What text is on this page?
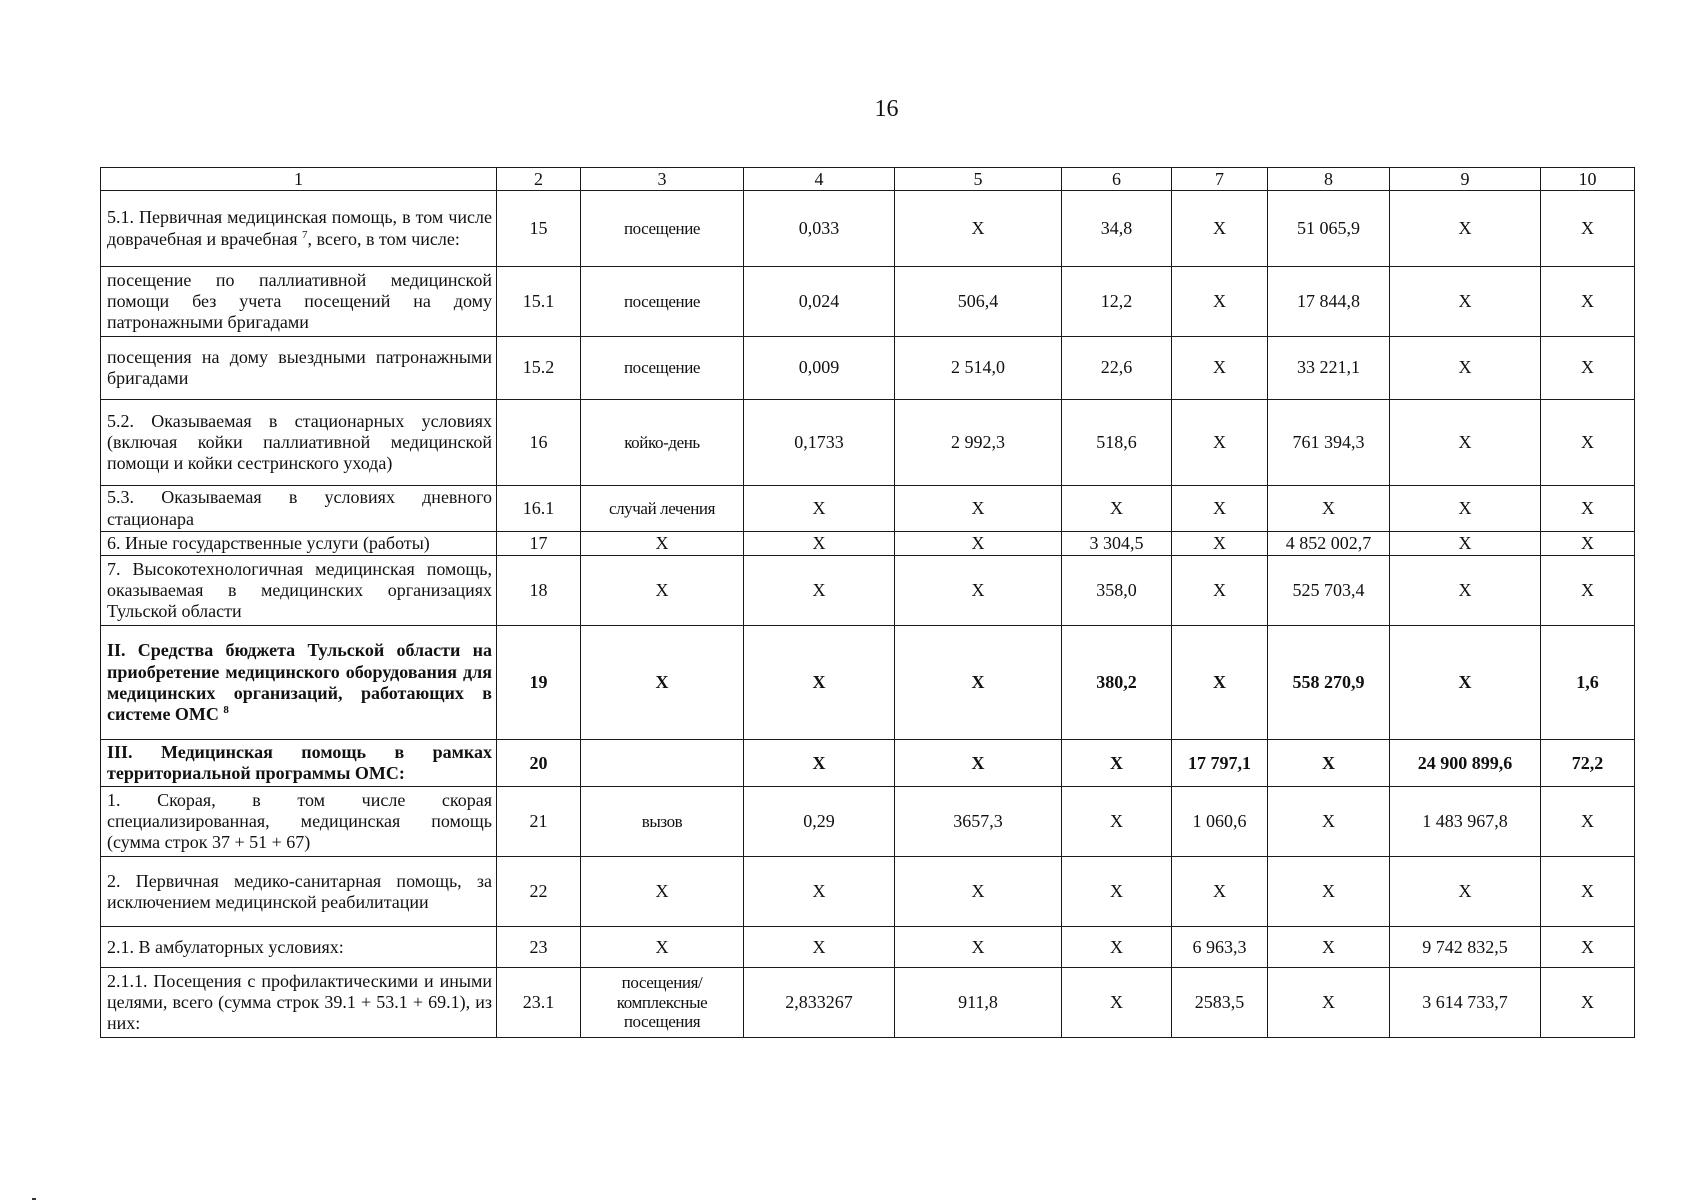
16
1	2	3	4	5	6	7	8	9	10
5.1. Первичная медицинская помощь, в том числе доврачебная и врачебная $^7$, всего, в том числе:	15	посещение	0,033	Х	34,8	Х	51 065,9	Х	Х
посещение по паллиативной медицинской помощи без учета посещений на дому патронажными бригадами	15.1	посещение	0,024	506,4	12,2	Х	17 844,8	Х	Х
посещения на дому выездными патронажными бригадами	15.2	посещение	0,009	2 514,0	22,6	Х	33 221,1	Х	Х
5.2. Оказываемая в стационарных условиях (включая койки паллиативной медицинской помощи и койки сестринского ухода)	16	койко-день	0,1733	2 992,3	518,6	Х	761 394,3	Х	Х
5.3. Оказываемая в условиях дневного стационара	16.1	случай лечения	Х	Х	Х	Х	Х	Х	Х
6. Иные государственные услуги (работы)	17	Х	Х	Х	3 304,5	Х	4 852 002,7	Х	Х
7. Высокотехнологичная медицинская помощь, оказываемая в медицинских организациях Тульской области	18	Х	Х	Х	358,0	Х	525 703,4	Х	Х
II. Средства бюджета Тульской области на приобретение медицинского оборудования для медицинских организаций, работающих в системе ОМС $^8$	19	Х	Х	Х	380,2	Х	558 270,9	Х	1,6
III. Медицинская помощь в рамках территориальной программы ОМС:	20		Х	Х	Х	17 797,1	Х	24 900 899,6	72,2
1. Скорая, в том числе скорая специализированная, медицинская помощь (сумма строк 37 + 51 + 67)	21	вызов	0,29	3657,3	Х	1 060,6	Х	1 483 967,8	Х
2. Первичная медико-санитарная помощь, за исключением медицинской реабилитации	22	Х	Х	Х	Х	Х	Х	Х	Х
2.1. В амбулаторных условиях:	23	Х	Х	Х	Х	6 963,3	Х	9 742 832,5	Х
2.1.1. Посещения с профилактическими и иными целями, всего (сумма строк 39.1 + 53.1 + 69.1), из них:	23.1	посещения/комплексные посещения	2,833267	911,8	Х	2583,5	Х	3 614 733,7	Х
